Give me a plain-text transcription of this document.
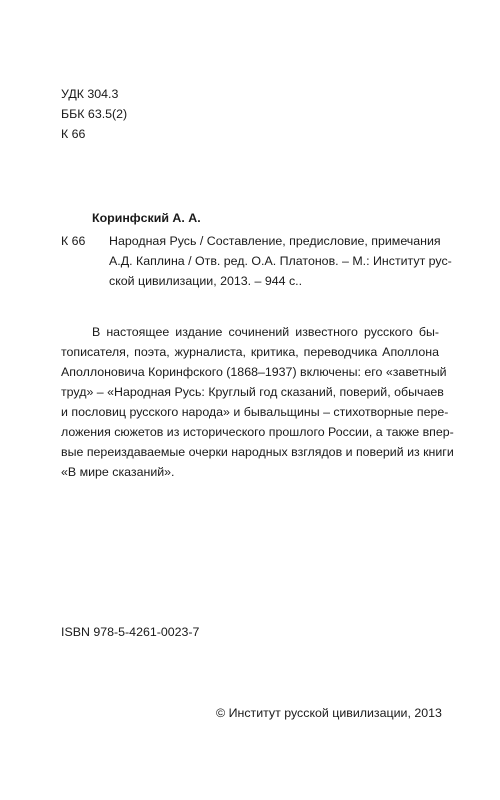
УДК 304.3
ББК 63.5(2)
К 66
Коринфский А. А.
К 66 Народная Русь / Составление, предисловие, примечания
А.Д. Каплина / Отв. ред. О.А. Платонов. – М.: Институт рус-
ской цивилизации, 2013. – 944 с..
В настоящее издание сочинений известного русского бы-
тописателя, поэта, журналиста, критика, переводчика Аполлона
Аполлоновича Коринфского (1868–1937) включены: его «заветный
труд» – «Народная Русь: Круглый год сказаний, поверий, обычаев
и пословиц русского народа» и бывальщины – стихотворные пере-
ложения сюжетов из исторического прошлого России, а также впер-
вые переиздаваемые очерки народных взглядов и поверий из книги
«В мире сказаний».
ISBN 978-5-4261-0023-7
© Институт русской цивилизации, 2013
